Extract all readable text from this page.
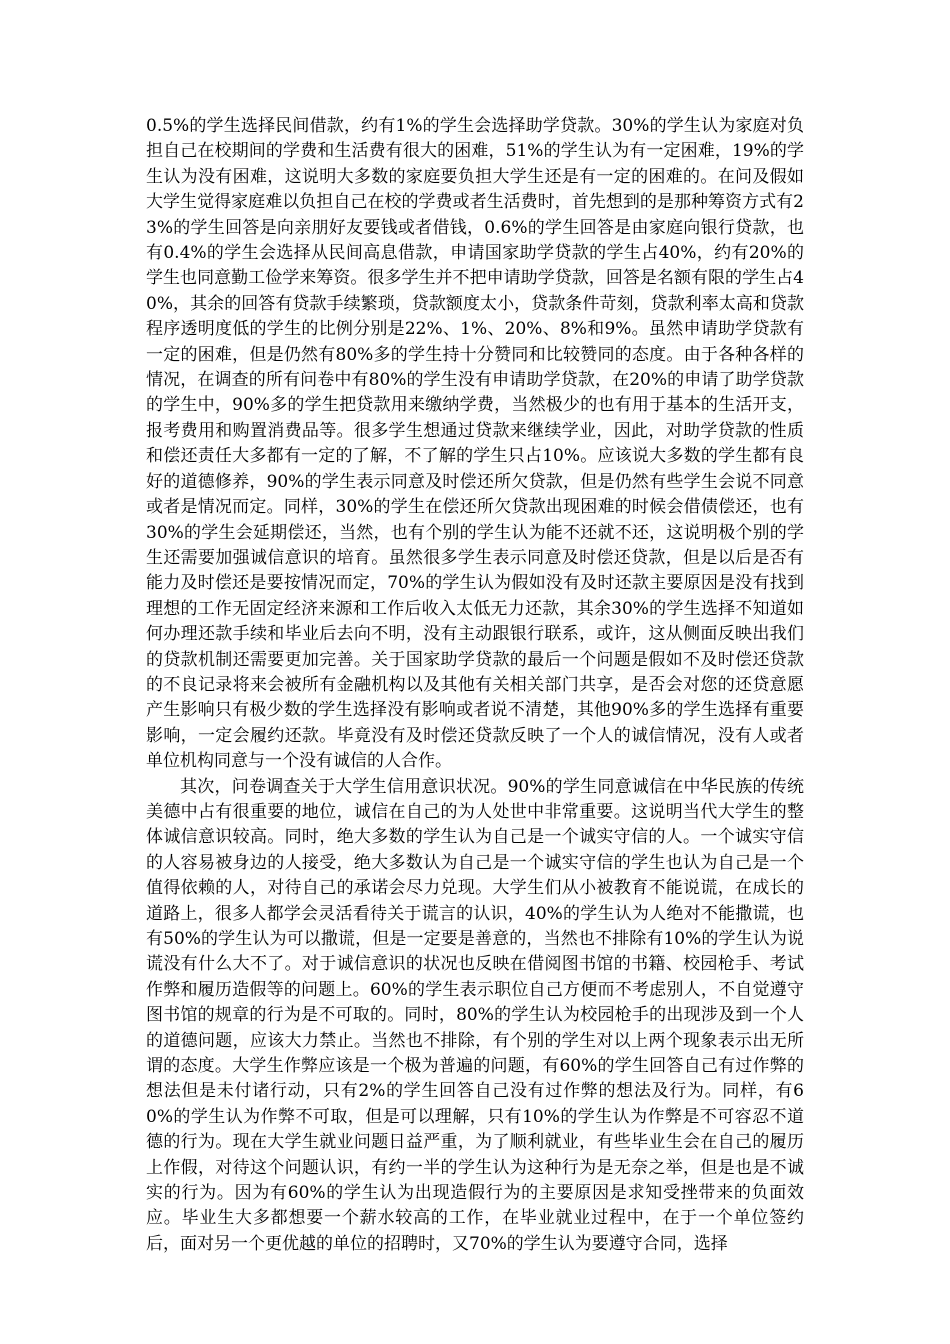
0.5%的学生选择民间借款，约有1%的学生会选择助学贷款。30%的学生认为家庭对负担自己在校期间的学费和生活费有很大的困难，51%的学生认为有一定困难，19%的学生认为没有困难，这说明大多数的家庭要负担大学生还是有一定的困难的。在问及假如大学生觉得家庭难以负担自己在校的学费或者生活费时，首先想到的是那种筹资方式有23%的学生回答是向亲朋好友要钱或者借钱，0.6%的学生回答是由家庭向银行贷款，也有0.4%的学生会选择从民间高息借款，申请国家助学贷款的学生占40%，约有20%的学生也同意勤工俭学来筹资。很多学生并不把申请助学贷款，回答是名额有限的学生占40%，其余的回答有贷款手续繁琐，贷款额度太小，贷款条件苛刻，贷款利率太高和贷款程序透明度低的学生的比例分别是22%、1%、20%、8%和9%。虽然申请助学贷款有一定的困难，但是仍然有80%多的学生持十分赞同和比较赞同的态度。由于各种各样的情况，在调查的所有问卷中有80%的学生没有申请助学贷款，在20%的申请了助学贷款的学生中，90%多的学生把贷款用来缴纳学费，当然极少的也有用于基本的生活开支，报考费用和购置消费品等。很多学生想通过贷款来继续学业，因此，对助学贷款的性质和偿还责任大多都有一定的了解，不了解的学生只占10%。应该说大多数的学生都有良好的道德修养，90%的学生表示同意及时偿还所欠贷款，但是仍然有些学生会说不同意或者是情况而定。同样，30%的学生在偿还所欠贷款出现困难的时候会借债偿还，也有30%的学生会延期偿还，当然，也有个别的学生认为能不还就不还，这说明极个别的学生还需要加强诚信意识的培育。虽然很多学生表示同意及时偿还贷款，但是以后是否有能力及时偿还是要按情况而定，70%的学生认为假如没有及时还款主要原因是没有找到理想的工作无固定经济来源和工作后收入太低无力还款，其余30%的学生选择不知道如何办理还款手续和毕业后去向不明，没有主动跟银行联系，或许，这从侧面反映出我们的贷款机制还需要更加完善。关于国家助学贷款的最后一个问题是假如不及时偿还贷款的不良记录将来会被所有金融机构以及其他有关相关部门共享，是否会对您的还贷意愿产生影响只有极少数的学生选择没有影响或者说不清楚，其他90%多的学生选择有重要影响，一定会履约还款。毕竟没有及时偿还贷款反映了一个人的诚信情况，没有人或者单位机构同意与一个没有诚信的人合作。

其次，问卷调查关于大学生信用意识状况。90%的学生同意诚信在中华民族的传统美德中占有很重要的地位，诚信在自己的为人处世中非常重要。这说明当代大学生的整体诚信意识较高。同时，绝大多数的学生认为自己是一个诚实守信的人。一个诚实守信的人容易被身边的人接受，绝大多数认为自己是一个诚实守信的学生也认为自己是一个值得依赖的人，对待自己的承诺会尽力兑现。大学生们从小被教育不能说谎，在成长的道路上，很多人都学会灵活看待关于谎言的认识，40%的学生认为人绝对不能撒谎，也有50%的学生认为可以撒谎，但是一定要是善意的，当然也不排除有10%的学生认为说谎没有什么大不了。对于诚信意识的状况也反映在借阅图书馆的书籍、校园枪手、考试作弊和履历造假等的问题上。60%的学生表示职位自己方便而不考虑别人，不自觉遵守图书馆的规章的行为是不可取的。同时，80%的学生认为校园枪手的出现涉及到一个人的道德问题，应该大力禁止。当然也不排除，有个别的学生对以上两个现象表示出无所谓的态度。大学生作弊应该是一个极为普遍的问题，有60%的学生回答自己有过作弊的想法但是未付诸行动，只有2%的学生回答自己没有过作弊的想法及行为。同样，有60%的学生认为作弊不可取，但是可以理解，只有10%的学生认为作弊是不可容忍不道德的行为。现在大学生就业问题日益严重，为了顺利就业，有些毕业生会在自己的履历上作假，对待这个问题认识，有约一半的学生认为这种行为是无奈之举，但是也是不诚实的行为。因为有60%的学生认为出现造假行为的主要原因是求知受挫带来的负面效应。毕业生大多都想要一个薪水较高的工作，在毕业就业过程中，在于一个单位签约后，面对另一个更优越的单位的招聘时，又70%的学生认为要遵守合同，选择
